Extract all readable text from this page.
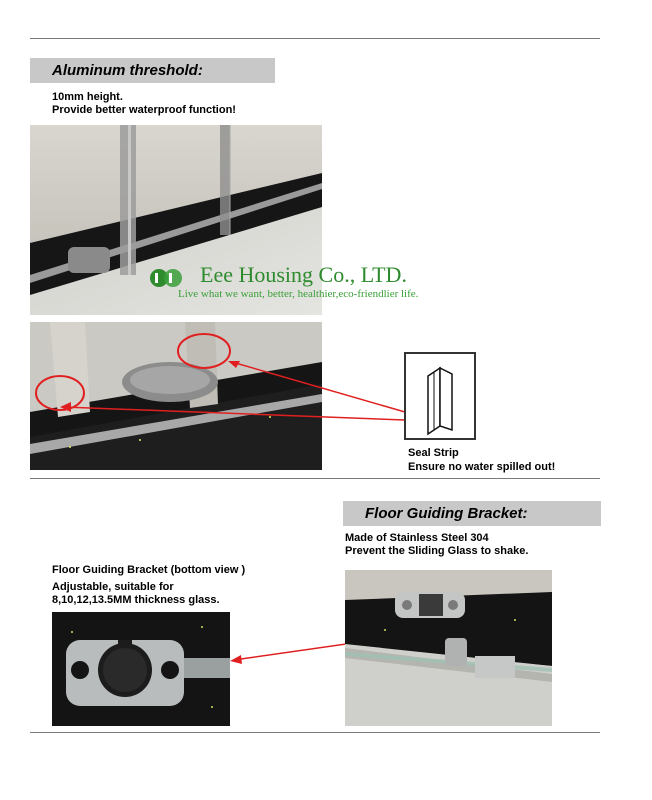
Aluminum threshold:
10mm height.
Provide better waterproof function!
Eee Housing Co., LTD.
Live what we want, better, healthier,eco-friendlier life.
Seal Strip
Ensure no water spilled out!
Floor Guiding Bracket:
Made of Stainless Steel 304
Prevent the Sliding Glass to shake.
Floor Guiding Bracket (bottom view )
Adjustable, suitable for
8,10,12,13.5MM thickness glass.
